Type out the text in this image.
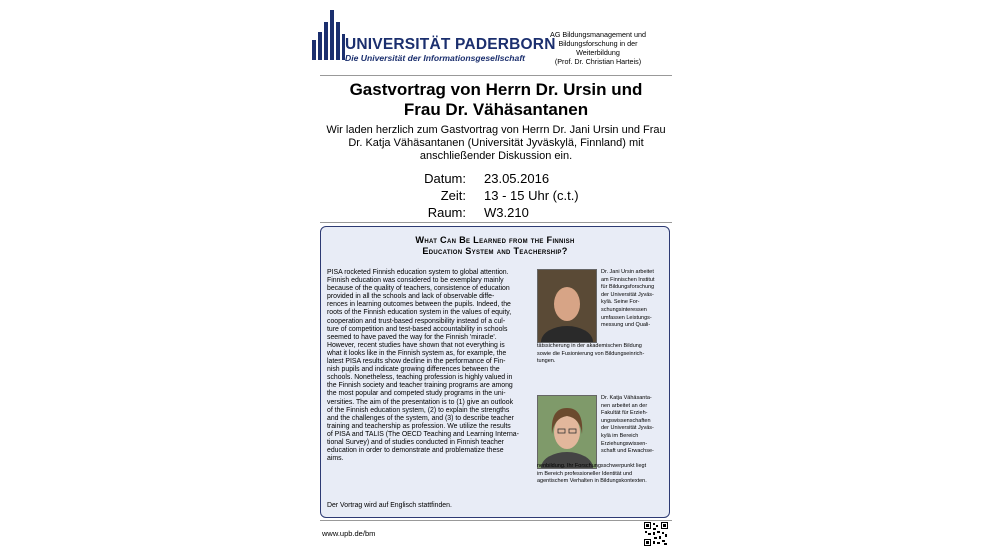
UNIVERSITÄT PADERBORN
Die Universität der Informationsgesellschaft
AG Bildungsmanagement und
Bildungsforschung in der
Weiterbildung
(Prof. Dr. Christian Harteis)
Gastvortrag von Herrn Dr. Ursin und
Frau Dr. Vähäsantanen
Wir laden herzlich zum Gastvortrag von Herrn Dr. Jani Ursin und Frau
Dr. Katja Vähäsantanen (Universität Jyväskylä, Finnland) mit
anschließender Diskussion ein.
Datum: 23.05.2016
Zeit: 13 - 15 Uhr (c.t.)
Raum: W3.210
What Can Be Learned from the Finnish
Education System and Teachership?
PISA rocketed Finnish education system to global attention.
Finnish education was considered to be exemplary mainly
because of the quality of teachers, consistence of education
provided in all the schools and lack of observable diffe-
rences in learning outcomes between the pupils. Indeed, the
roots of the Finnish education system in the values of equity,
cooperation and trust-based responsibility instead of a cul-
ture of competition and test-based accountability in schools
seemed to have paved the way for the Finnish 'miracle'.
However, recent studies have shown that not everything is
what it looks like in the Finnish system as, for example, the
latest PISA results show decline in the performance of Fin-
nish pupils and indicate growing differences between the
schools. Nonetheless, teaching profession is highly valued in
the Finnish society and teacher training programs are among
the most popular and competed study programs in the uni-
versities. The aim of the presentation is to (1) give an outlook
of the Finnish education system, (2) to explain the strengths
and the challenges of the system, and (3) to describe teacher
training and teachership as profession. We utilize the results
of PISA and TALIS (The OECD Teaching and Learning Interna-
tional Survey) and of studies conducted in Finnish teacher
education in order to demonstrate and problematize these
aims.
Der Vortrag wird auf Englisch stattfinden.
Dr. Jani Ursin arbeitet
am Finnischen Institut
für Bildungsforschung
der Universität Jyväs-
kylä. Seine For-
schungsinteressen
umfassen Leistungs-
messung und Quali-
tätssicherung in der akademischen Bildung
sowie die Fusionierung von Bildungseinrich-
tungen.
Dr. Katja Vähäsanta-
nen arbeitet an der
Fakultät für Erzieh-
ungswissenschaften
der Universität Jyväs-
kylä im Bereich
Erziehungswissen-
schaft und Erwachse-
nenbildung. Ihr Forschungsschwerpunkt liegt
im Bereich professioneller Identität und
agentischem Verhalten in Bildungskontexten.
www.upb.de/bm
